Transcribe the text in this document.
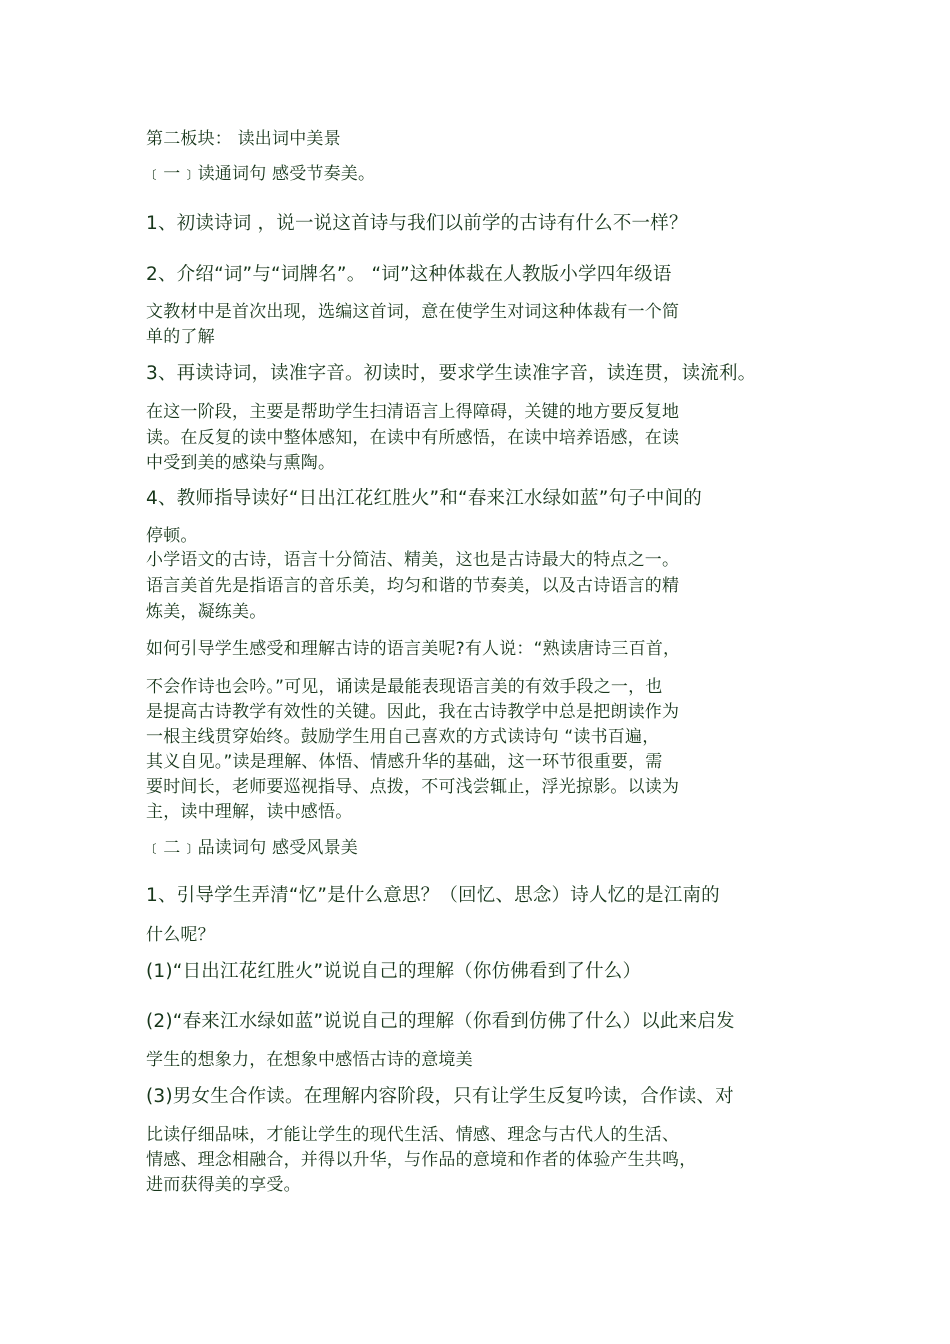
第二板块： 读出词中美景
﹝一﹞读通词句 感受节奏美。
1、初读诗词 ，说一说这首诗与我们以前学的古诗有什么不一样？
2、介绍“词”与“词牌名”。 “词”这种体裁在人教版小学四年级语
文教材中是首次出现，选编这首词，意在使学生对词这种体裁有一个简
单的了解
3、再读诗词，读准字音。初读时，要求学生读准字音，读连贯，读流利。
在这一阶段，主要是帮助学生扫清语言上得障碍，关键的地方要反复地
读。在反复的读中整体感知，在读中有所感悟，在读中培养语感，在读
中受到美的感染与熏陶。
4、教师指导读好“日出江花红胜火”和“春来江水绿如蓝”句子中间的
停顿。
小学语文的古诗，语言十分简洁、精美，这也是古诗最大的特点之一。
语言美首先是指语言的音乐美，均匀和谐的节奏美，以及古诗语言的精
炼美，凝练美。
如何引导学生感受和理解古诗的语言美呢?有人说：“熟读唐诗三百首，
不会作诗也会吟。”可见，诵读是最能表现语言美的有效手段之一，也
是提高古诗教学有效性的关键。因此，我在古诗教学中总是把朗读作为
一根主线贯穿始终。鼓励学生用自己喜欢的方式读诗句 “读书百遍，
其义自见。”读是理解、体悟、情感升华的基础，这一环节很重要，需
要时间长，老师要巡视指导、点拨，不可浅尝辄止，浮光掠影。以读为
主，读中理解，读中感悟。
﹝二﹞品读词句 感受风景美
1、引导学生弄清“忆”是什么意思？（回忆、思念）诗人忆的是江南的
什么呢？
(1)“日出江花红胜火”说说自己的理解（你仿佛看到了什么）
(2)“春来江水绿如蓝”说说自己的理解（你看到仿佛了什么）以此来启发
学生的想象力，在想象中感悟古诗的意境美
(3)男女生合作读。在理解内容阶段，只有让学生反复吟读，合作读、对
比读仔细品味，才能让学生的现代生活、情感、理念与古代人的生活、
情感、理念相融合，并得以升华，与作品的意境和作者的体验产生共鸣，
进而获得美的享受。
